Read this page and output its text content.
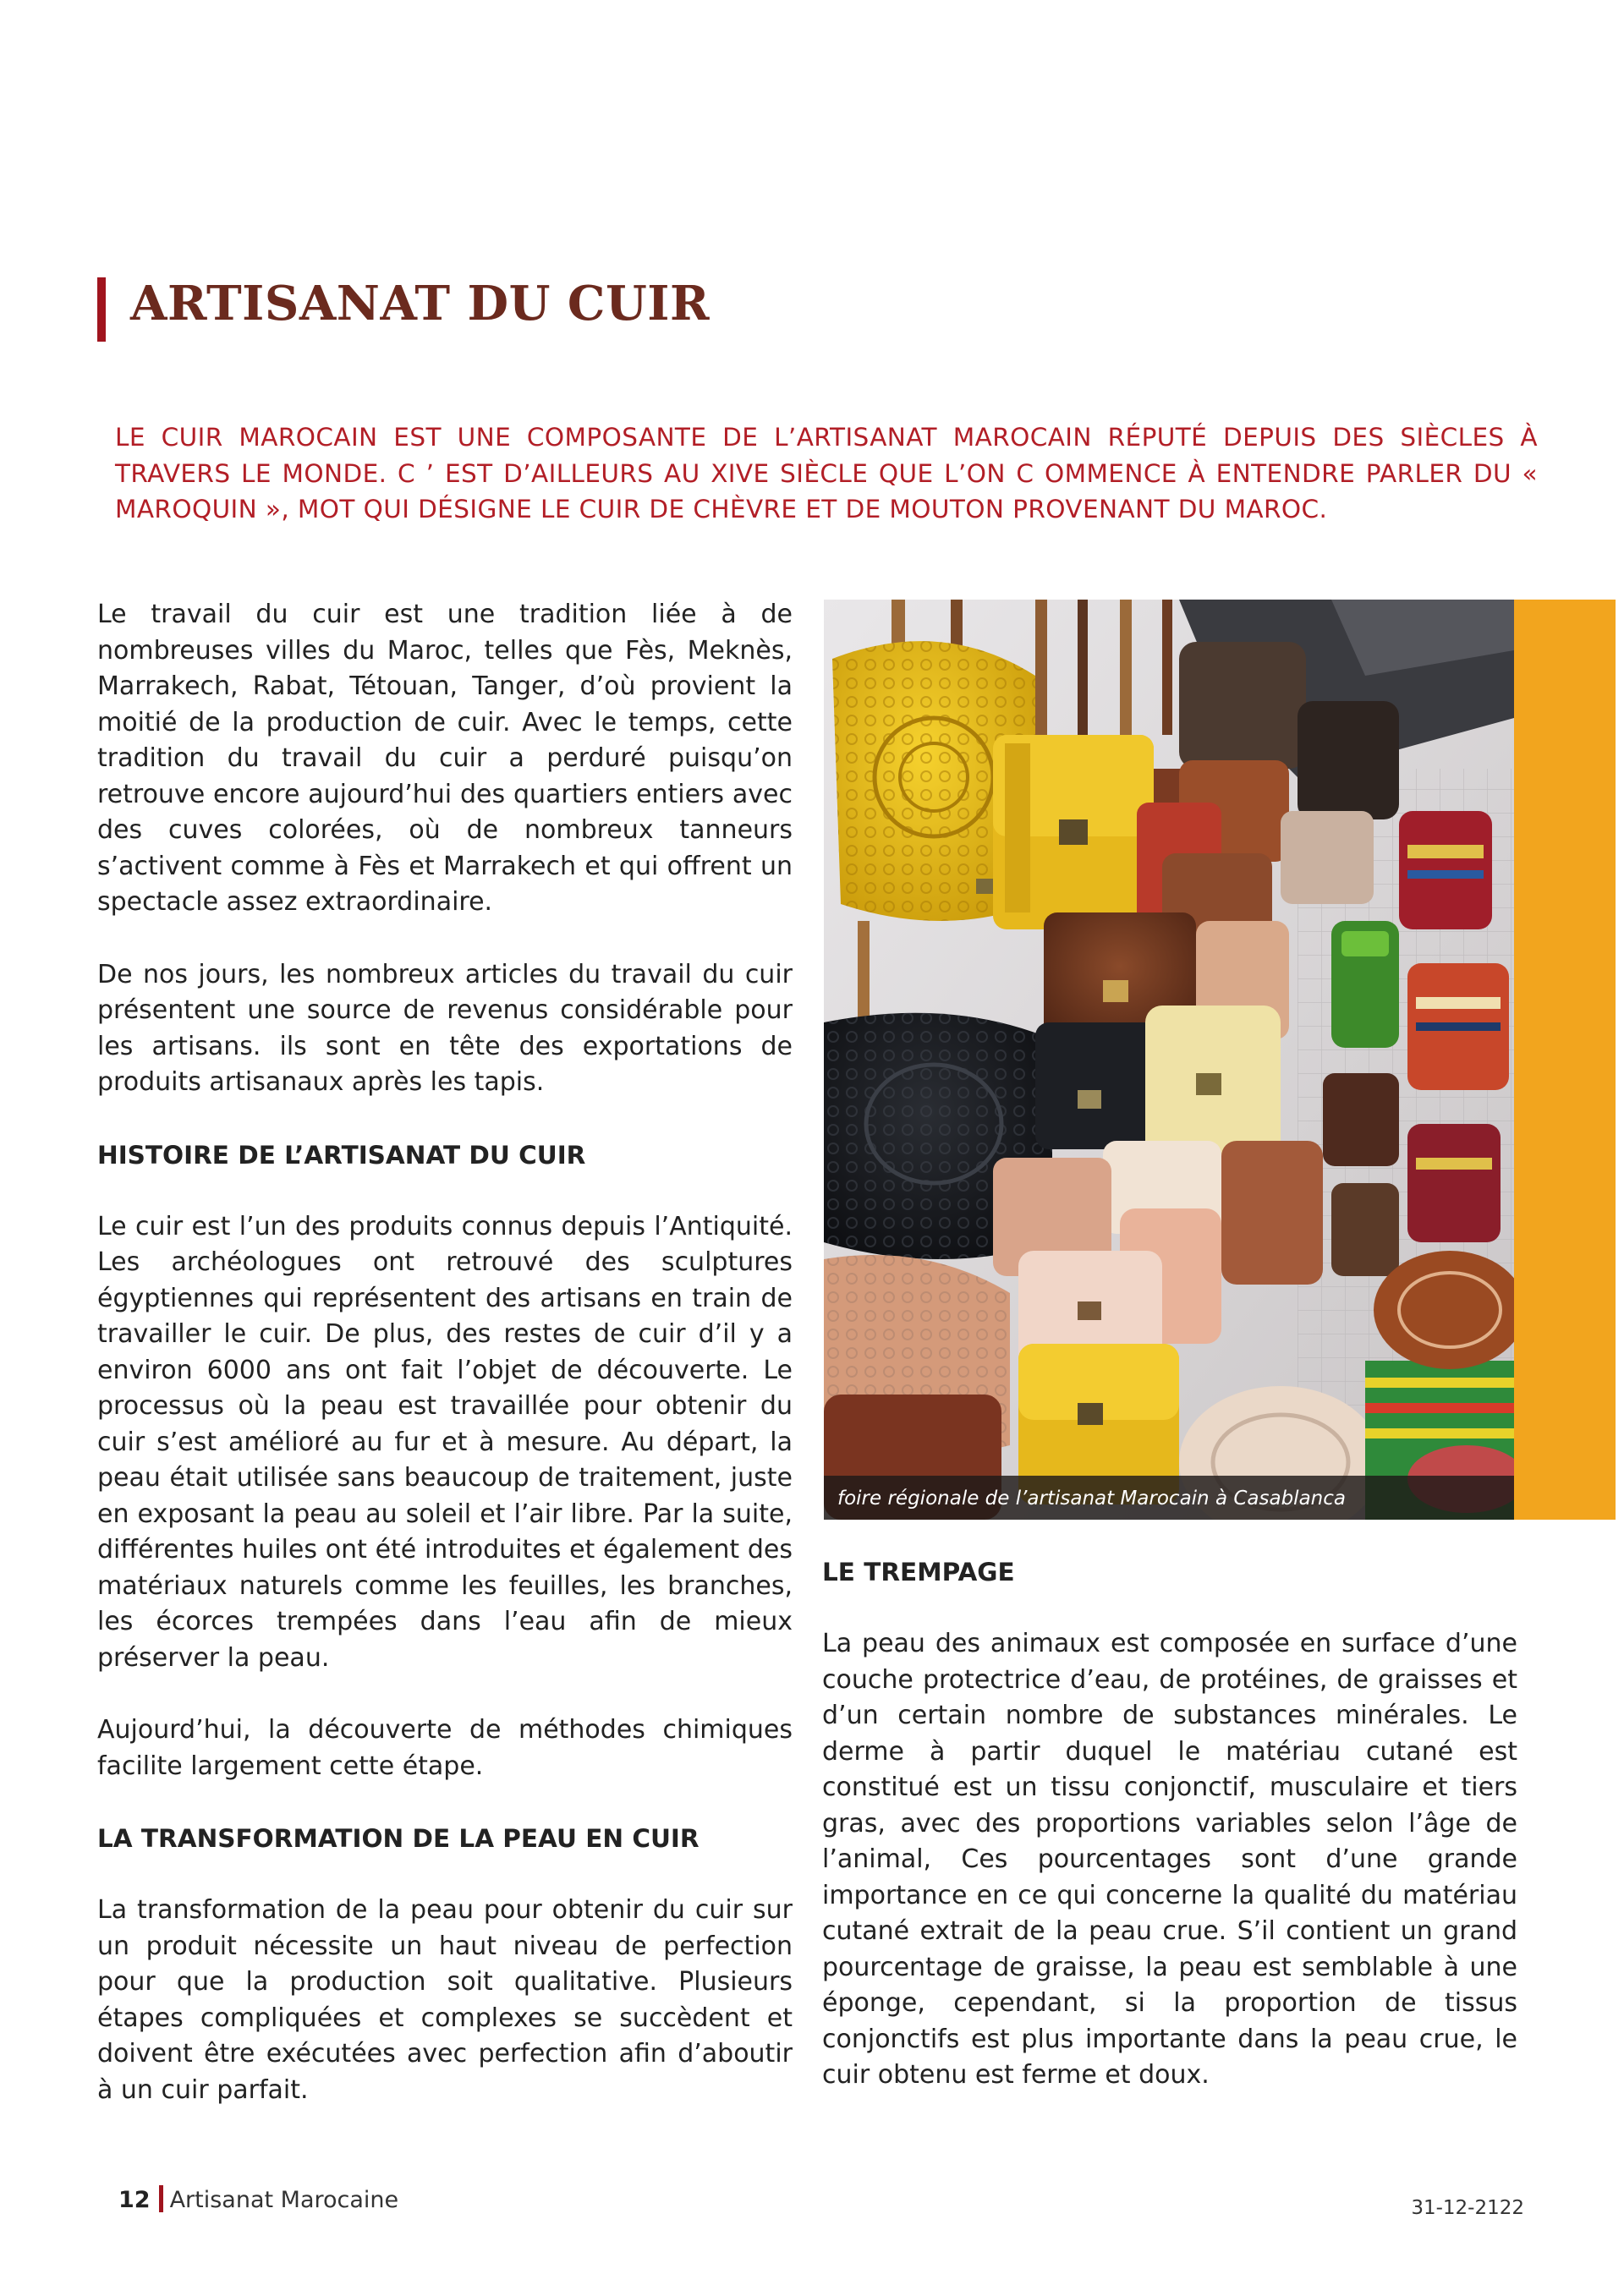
ARTISANAT DU CUIR

LE CUIR MAROCAIN EST UNE COMPOSANTE DE L’ARTISANAT MAROCAIN RÉPUTÉ DEPUIS DES SIÈCLES À TRAVERS LE MONDE. C ’ EST D’AILLEURS AU XIVE SIÈCLE QUE L’ON C OMMENCE À ENTENDRE PARLER DU « MAROQUIN », MOT QUI DÉSIGNE LE CUIR DE CHÈVRE ET DE MOUTON PROVENANT DU MAROC.

Le travail du cuir est une tradition liée à de nombreuses villes du Maroc, telles que Fès, Meknès, Marrakech, Rabat, Tétouan, Tanger, d’où provient la moitié de la production de cuir. Avec le temps, cette tradition du travail du cuir a perduré puisqu’on retrouve encore aujourd’hui des quartiers entiers avec des cuves colorées, où de nombreux tanneurs s’activent comme à Fès et Marrakech et qui offrent un spectacle assez extraordinaire.

De nos jours, les nombreux articles du travail du cuir présentent une source de revenus considérable pour les artisans. ils sont en tête des exportations de produits artisanaux après les tapis.

HISTOIRE DE L’ARTISANAT DU CUIR

Le cuir est l’un des produits connus depuis l’Antiquité. Les archéologues ont retrouvé des sculptures égyptiennes qui représentent des artisans en train de travailler le cuir. De plus, des restes de cuir d’il y a environ 6000 ans ont fait l’objet de découverte. Le processus où la peau est travaillée pour obtenir du cuir s’est amélioré au fur et à mesure. Au départ, la peau était utilisée sans beaucoup de traitement, juste en exposant la peau au soleil et l’air libre. Par la suite, différentes huiles ont été introduites et également des matériaux naturels comme les feuilles, les branches, les écorces trempées dans l’eau afin de mieux préserver la peau.

Aujourd’hui, la découverte de méthodes chimiques facilite largement cette étape.

LA TRANSFORMATION DE LA PEAU EN CUIR

La transformation de la peau pour obtenir du cuir sur un produit nécessite un haut niveau de perfection pour que la production soit qualitative. Plusieurs étapes compliquées et complexes se succèdent et doivent être exécutées avec perfection afin d’aboutir à un cuir parfait.

foire régionale de l’artisanat Marocain à Casablanca
LE TREMPAGE

La peau des animaux est composée en surface d’une couche protectrice d’eau, de protéines, de graisses et d’un certain nombre de substances minérales. Le derme à partir duquel le matériau cutané est constitué est un tissu conjonctif, musculaire et tiers gras, avec des proportions variables selon l’âge de l’animal, Ces pourcentages sont d’une grande importance en ce qui concerne la qualité du matériau cutané extrait de la peau crue. S’il contient un grand pourcentage de graisse, la peau est semblable à une éponge, cependant, si la proportion de tissus conjonctifs est plus importante dans la peau crue, le cuir obtenu est ferme et doux.

12 Artisanat Marocaine	31-12-2122
